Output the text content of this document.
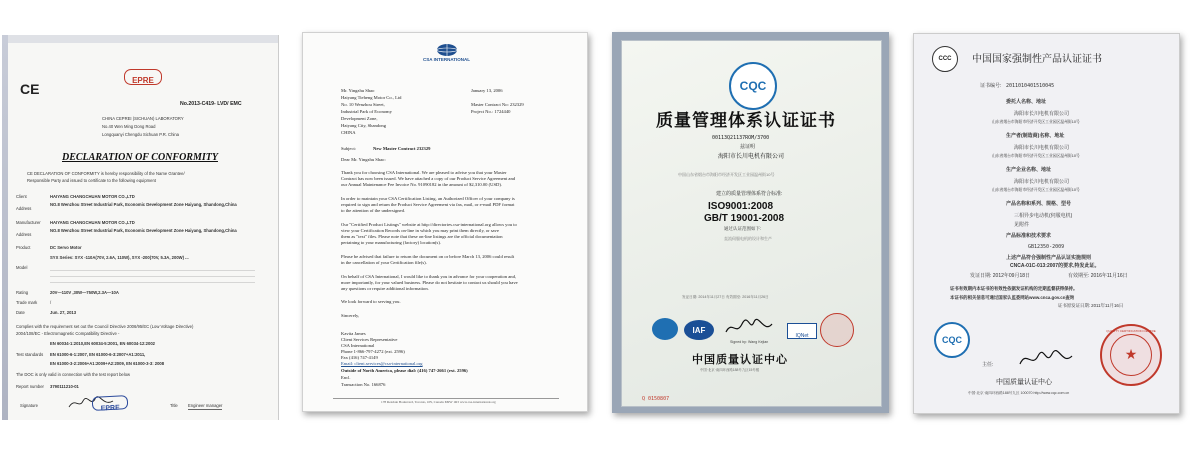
CE
EPRE
No.2013-C419- LVD/ EMC
CHINA CEPREI (SICHUAN) LABORATORY
No.40 Wen Ming Dong Road
Longquanyi Chengdu Sichuan P.R. China
DECLARATION OF CONFORMITY
CE DECLARATION OF CONFORMITY is hereby responsibility of the Name Grantee/
Responsible Party and issued to certificate to the following equipment
Client	HAIYANG CHANGCHUAN MOTOR CO.,LTD
Address
NO.8 Wenzhou Street Industrial Park, Economic Development Zone Haiyang, Shandong,China
Manufacturer HAIYANG CHANGCHUAN MOTOR CO.,LTD
Address
NO.8 Wenzhou Street Industrial Park, Economic Development Zone Haiyang, Shandong,China
Product	DC Servo Motor
Model
SYX Series: SYX -110A(70V, 2.6A, 110W), SYX -200(70V, 5.3A, 200W) ...
Rating	20V—110V ,30W—750W,2.3A—10A
Trade mark	/
Date	Jun. 27, 2013
Complies with the requirement set out the Council Directive 2006/95/EC (Low Voltage Directive)
2004/108/EC - Electromagnetic Compatibility Directive -
EN 60034-1:2010,EN 60034-5:2001, EN 60034-12:2002
Test standards EN 61000-6-1:2007, EN 61000-6-3:2007+A1:2011,
EN 61000-3-2:2006+A1:2009+A2:2009, EN 61000-3-3: 2008
The DOC is only valid in connection with the test report below
Report number 3790111210-01
Signature	EPRE	Title Engineer manager
CSA INTERNATIONAL
Mr. Yingzhu Shao
Haiyang Tieheng Motor Co., Ltd
No. 10 Wenzhou Street,
Industrial Park of Economy
Development Zone,
Haiyang City, Shandong
CHINA
January 13, 2006
Master Contract No: 232329
Project No.: 1724440
Subject:	New Master Contract 232329
Dear Mr. Yingzhu Shao:
Thank you for choosing CSA International. We are pleased to advise you that your Master
Contract has now been issued. We have attached a copy of our Product Service Agreement and
our Annual Maintenance Fee Invoice No. 91090182 in the amount of $2,310.00 (USD).
In order to maintain your CSA Certification Listing, an Authorized Officer of your company is
required to sign and return the Product Service Agreement via fax, mail, or e-mail PDF format
to the attention of the undersigned.
Our "Certified Product Listings" website at http://directories.csa-international.org allows you to
view your Certification Records on-line in which you may print them directly, or save
them as "text" files. Please note that these on-line listings are the official documentation
pertaining to your manufacturing (factory) location(s).
Please be advised that failure to return the document on or before March 13, 2006 could result
in the cancellation of your Certification file(s).
On behalf of CSA International, I would like to thank you in advance for your cooperation and,
more importantly, for your valued business. Please do not hesitate to contact us should you have
any questions or require additional information.
We look forward to serving you.
Sincerely,
Kavita James
Client Services Representative
CSA International
Phone 1-866-797-4272 (ext. 2596)
Fax (416) 747-4149
Email: client.services@csa-international.org
Outside of North America, please dial: (416) 747-2661 (ext. 2596)
Encl.
Transaction No. 166876
178 Rexdale Boulevard, Toronto, ON, Canada M9W 1R3 www.csa-international.org
CQC
质量管理体系认证证书
00113Q21137ROM/3700
兹证明
海阳市长川电机有限公司
中国山东省烟台市海阳市经济开发区工业园温州街10号
建立的质量管理体系符合标准:
ISO9001:2008
GB/T 19001-2008
通过认证范围如下:
直流伺服电机的设计和生产
发证日期: 2014年11月27日 有效期至: 2016年11月26日
IAF
Signed by: Wang Kejian
IQNet
中国质量认证中心
中国·北京·南四环西路188号九区15号楼
Q 0150807
CCC	中国国家强制性产品认证证书
证书编号: 2011010401510045
委托人名称、地址
海阳市长川电机有限公司
山东省烟台市海阳市经济开发区工业园区温州街10号
生产者(制造商)名称、地址
海阳市长川电机有限公司
山东省烟台市海阳市经济开发区工业园区温州街10号
生产企业名称、地址
海阳市长川电机有限公司
山东省烟台市海阳市经济开发区工业园区温州街10号
产品名称和系列、规格、型号
三相异步电动机(伺服电机)
见附件
产品标准和技术要求
GB12350-2009
上述产品符合强制性产品认证实施规则
CNCA-01C-013:2007的要求,特发此证。
发证日期: 2012年09月18日	有效期至: 2016年11月16日
证书有效期内本证书的有效性依据发证机构的定期监督获得保持。
本证书的相关信息可通过国家认监委网站www.cnca.gov.cn查询
证书原发证日期: 2011年11月16日
CQC
主任:
★
QUALITY CERTIFICATION CENTRE
中国质量认证中心
中国·北京·南四环西路188号九区 100070 http://www.cqc.com.cn
